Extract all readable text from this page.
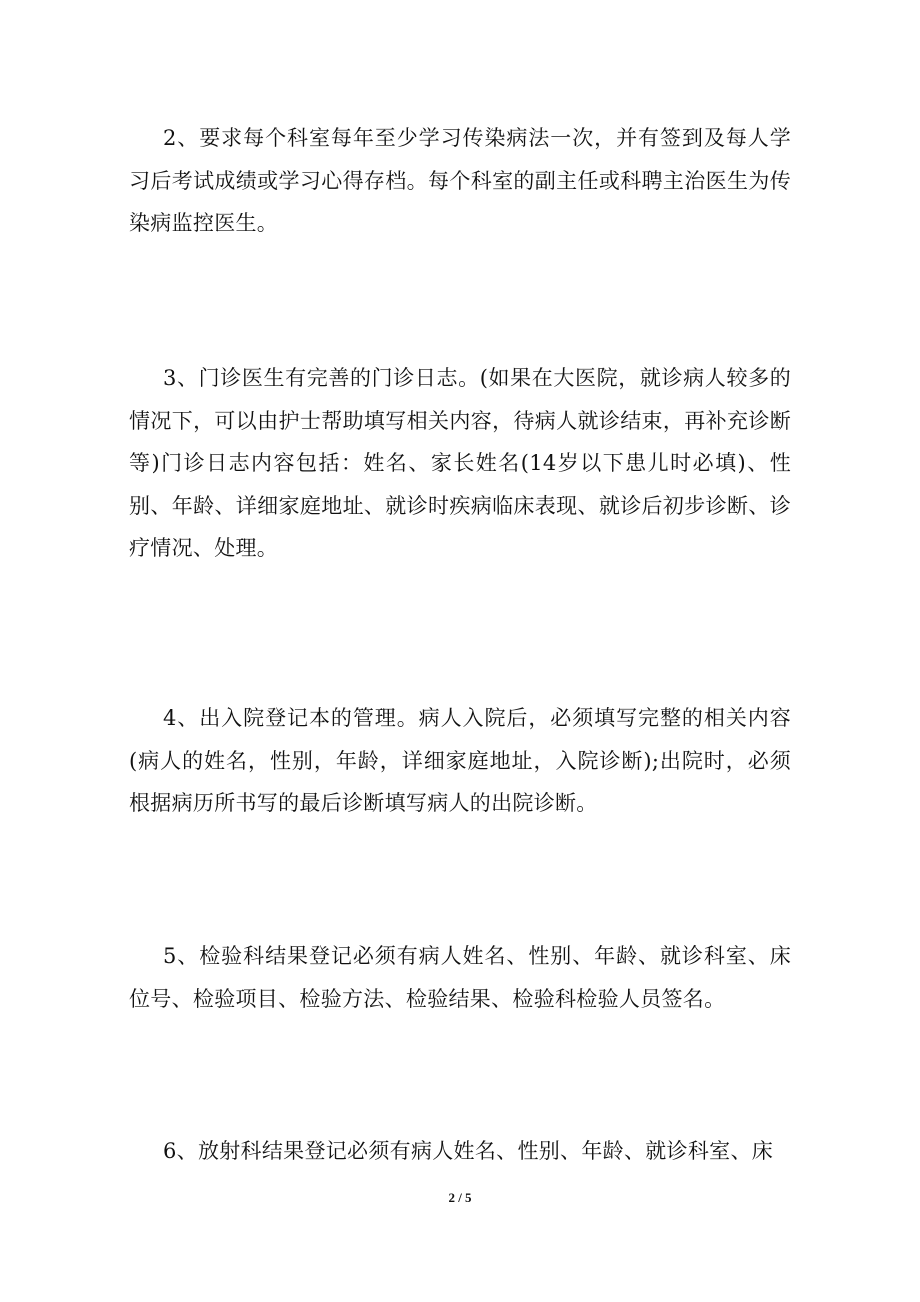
2、要求每个科室每年至少学习传染病法一次，并有签到及每人学习后考试成绩或学习心得存档。每个科室的副主任或科聘主治医生为传染病监控医生。

3、门诊医生有完善的门诊日志。(如果在大医院，就诊病人较多的情况下，可以由护士帮助填写相关内容，待病人就诊结束，再补充诊断等)门诊日志内容包括：姓名、家长姓名(14岁以下患儿时必填)、性别、年龄、详细家庭地址、就诊时疾病临床表现、就诊后初步诊断、诊疗情况、处理。

4、出入院登记本的管理。病人入院后，必须填写完整的相关内容(病人的姓名，性别，年龄，详细家庭地址，入院诊断);出院时，必须根据病历所书写的最后诊断填写病人的出院诊断。

5、检验科结果登记必须有病人姓名、性别、年龄、就诊科室、床位号、检验项目、检验方法、检验结果、检验科检验人员签名。

6、放射科结果登记必须有病人姓名、性别、年龄、就诊科室、床

2 / 5
